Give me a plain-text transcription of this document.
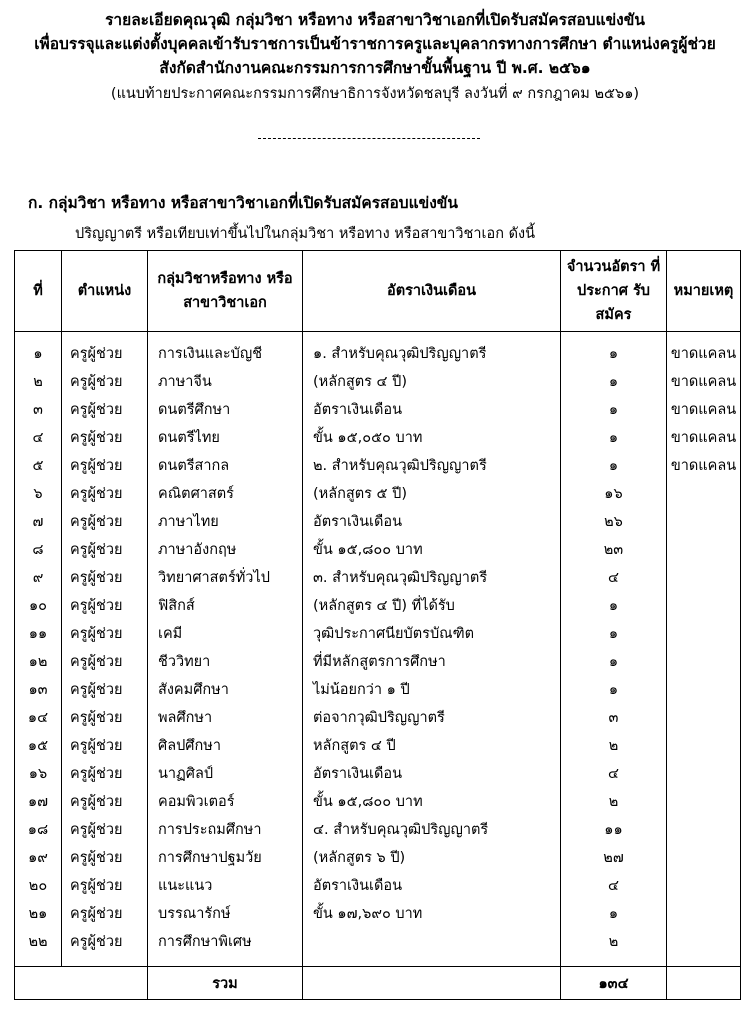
รายละเอียดคุณวุฒิ กลุ่มวิชา หรือทาง หรือสาขาวิชาเอกที่เปิดรับสมัครสอบแข่งขัน
เพื่อบรรจุและแต่งตั้งบุคคลเข้ารับราชการเป็นข้าราชการครูและบุคลากรทางการศึกษา ตำแหน่งครูผู้ช่วย
สังกัดสำนักงานคณะกรรมการการศึกษาขั้นพื้นฐาน ปี พ.ศ. ๒๕๖๑
(แนบท้ายประกาศคณะกรรมการศึกษาธิการจังหวัดชลบุรี ลงวันที่ ๙ กรกฎาคม ๒๕๖๑)
ก. กลุ่มวิชา หรือทาง หรือสาขาวิชาเอกที่เปิดรับสมัครสอบแข่งขัน
ปริญญาตรี หรือเทียบเท่าขึ้นไปในกลุ่มวิชา หรือทาง หรือสาขาวิชาเอก ดังนี้
ที่	ตำแหน่ง	กลุ่มวิชาหรือทาง หรือสาขาวิชาเอก	อัตราเงินเดือน	จำนวนอัตรา ที่ประกาศ รับสมัคร	หมายเหตุ
๑	ครูผู้ช่วย	การเงินและบัญชี	๑. สำหรับคุณวุฒิปริญญาตรี	๑	ขาดแคลน
๒	ครูผู้ช่วย	ภาษาจีน	(หลักสูตร ๔ ปี)	๑	ขาดแคลน
๓	ครูผู้ช่วย	ดนตรีศึกษา	อัตราเงินเดือน	๑	ขาดแคลน
๔	ครูผู้ช่วย	ดนตรีไทย	ขั้น ๑๕,๐๕๐ บาท	๑	ขาดแคลน
๕	ครูผู้ช่วย	ดนตรีสากล	๒. สำหรับคุณวุฒิปริญญาตรี	๑	ขาดแคลน
๖	ครูผู้ช่วย	คณิตศาสตร์	(หลักสูตร ๕ ปี)	๑๖	
๗	ครูผู้ช่วย	ภาษาไทย	อัตราเงินเดือน	๒๖	
๘	ครูผู้ช่วย	ภาษาอังกฤษ	ขั้น ๑๕,๘๐๐ บาท	๒๓	
๙	ครูผู้ช่วย	วิทยาศาสตร์ทั่วไป	๓. สำหรับคุณวุฒิปริญญาตรี	๔	
๑๐	ครูผู้ช่วย	ฟิสิกส์	(หลักสูตร ๔ ปี) ที่ได้รับ	๑	
๑๑	ครูผู้ช่วย	เคมี	วุฒิประกาศนียบัตรบัณฑิต	๑	
๑๒	ครูผู้ช่วย	ชีววิทยา	ที่มีหลักสูตรการศึกษา	๑	
๑๓	ครูผู้ช่วย	สังคมศึกษา	ไม่น้อยกว่า ๑ ปี	๑	
๑๔	ครูผู้ช่วย	พลศึกษา	ต่อจากวุฒิปริญญาตรี	๓	
๑๕	ครูผู้ช่วย	ศิลปศึกษา	หลักสูตร ๔ ปี	๒	
๑๖	ครูผู้ช่วย	นาฏศิลป์	อัตราเงินเดือน	๔	
๑๗	ครูผู้ช่วย	คอมพิวเตอร์	ขั้น ๑๕,๘๐๐ บาท	๒	
๑๘	ครูผู้ช่วย	การประถมศึกษา	๔. สำหรับคุณวุฒิปริญญาตรี	๑๑	
๑๙	ครูผู้ช่วย	การศึกษาปฐมวัย	(หลักสูตร ๖ ปี)	๒๗	
๒๐	ครูผู้ช่วย	แนะแนว	อัตราเงินเดือน	๔	
๒๑	ครูผู้ช่วย	บรรณารักษ์	ขั้น ๑๗,๖๙๐ บาท	๑	
๒๒	ครูผู้ช่วย	การศึกษาพิเศษ		๒	

		รวม		๑๓๔	
